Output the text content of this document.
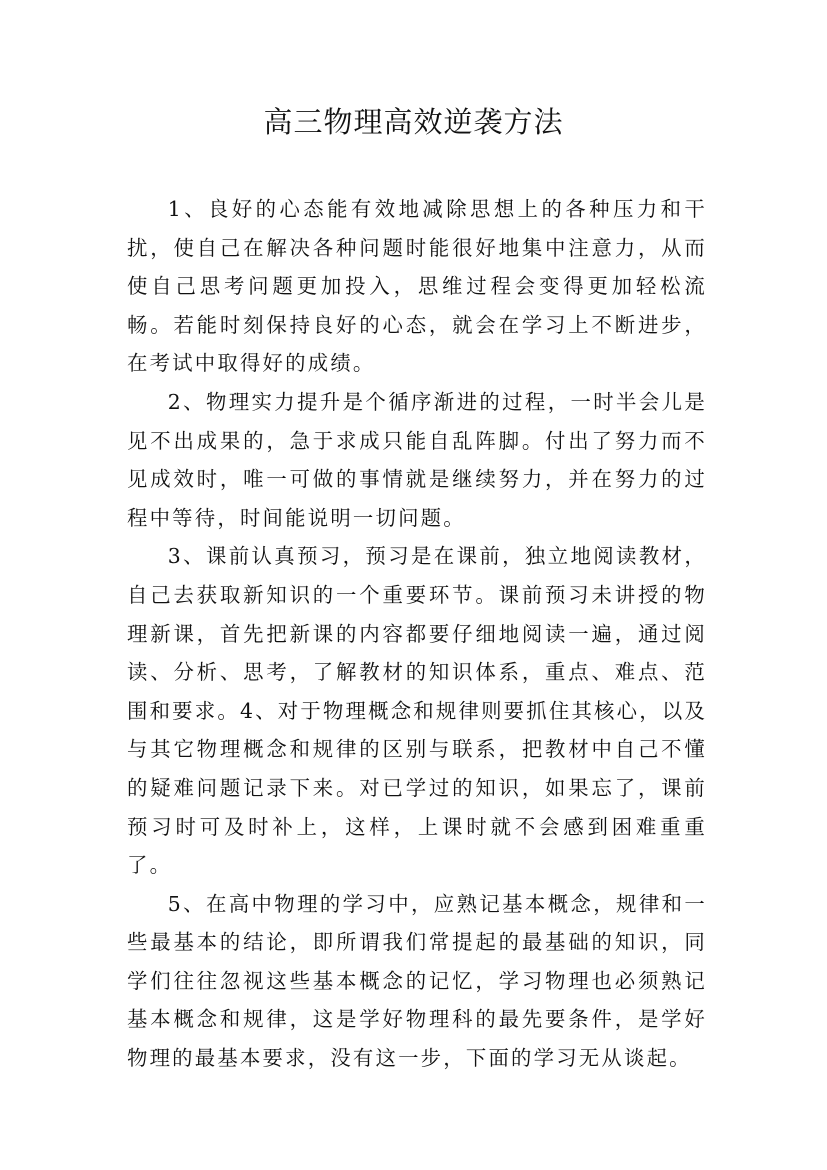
高三物理高效逆袭方法

1、良好的心态能有效地减除思想上的各种压力和干扰，使自己在解决各种问题时能很好地集中注意力，从而使自己思考问题更加投入，思维过程会变得更加轻松流畅。若能时刻保持良好的心态，就会在学习上不断进步，在考试中取得好的成绩。

2、物理实力提升是个循序渐进的过程，一时半会儿是见不出成果的，急于求成只能自乱阵脚。付出了努力而不见成效时，唯一可做的事情就是继续努力，并在努力的过程中等待，时间能说明一切问题。

3、课前认真预习，预习是在课前，独立地阅读教材，自己去获取新知识的一个重要环节。课前预习未讲授的物理新课，首先把新课的内容都要仔细地阅读一遍，通过阅读、分析、思考，了解教材的知识体系，重点、难点、范围和要求。4、对于物理概念和规律则要抓住其核心，以及与其它物理概念和规律的区别与联系，把教材中自己不懂的疑难问题记录下来。对已学过的知识，如果忘了，课前预习时可及时补上，这样，上课时就不会感到困难重重了。

5、在高中物理的学习中，应熟记基本概念，规律和一些最基本的结论，即所谓我们常提起的最基础的知识，同学们往往忽视这些基本概念的记忆，学习物理也必须熟记基本概念和规律，这是学好物理科的最先要条件，是学好物理的最基本要求，没有这一步，下面的学习无从谈起。
